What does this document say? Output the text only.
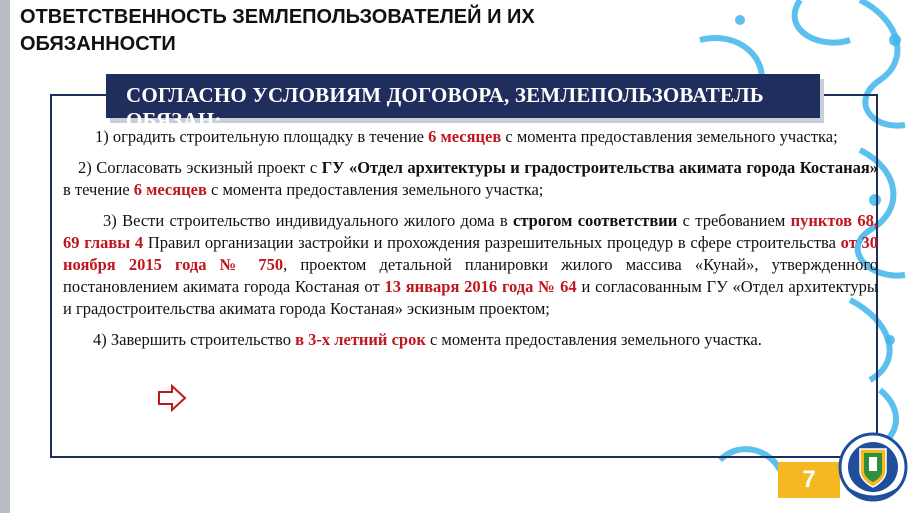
ОТВЕТСТВЕННОСТЬ ЗЕМЛЕПОЛЬЗОВАТЕЛЕЙ И ИХ ОБЯЗАННОСТИ
СОГЛАСНО УСЛОВИЯМ ДОГОВОРА, ЗЕМЛЕПОЛЬЗОВАТЕЛЬ ОБЯЗАН:

1) оградить строительную площадку в течение 6 месяцев с момента предоставления земельного участка;

2) Согласовать эскизный проект с ГУ «Отдел архитектуры и градостроительства акимата города Костаная» в течение 6 месяцев с момента предоставления земельного участка;

3) Вести строительство индивидуального жилого дома в строгом соответствии с требованием пунктов 68, 69 главы 4 Правил организации застройки и прохождения разрешительных процедур в сфере строительства от 30 ноября 2015 года № 750, проектом детальной планировки жилого массива «Кунай», утвержденного постановлением акимата города Костаная от 13 января 2016 года № 64 и согласованным ГУ «Отдел архитектуры и градостроительства акимата города Костаная» эскизным проектом;

4) Завершить строительство в 3-х летний срок с момента предоставления земельного участка.

7
